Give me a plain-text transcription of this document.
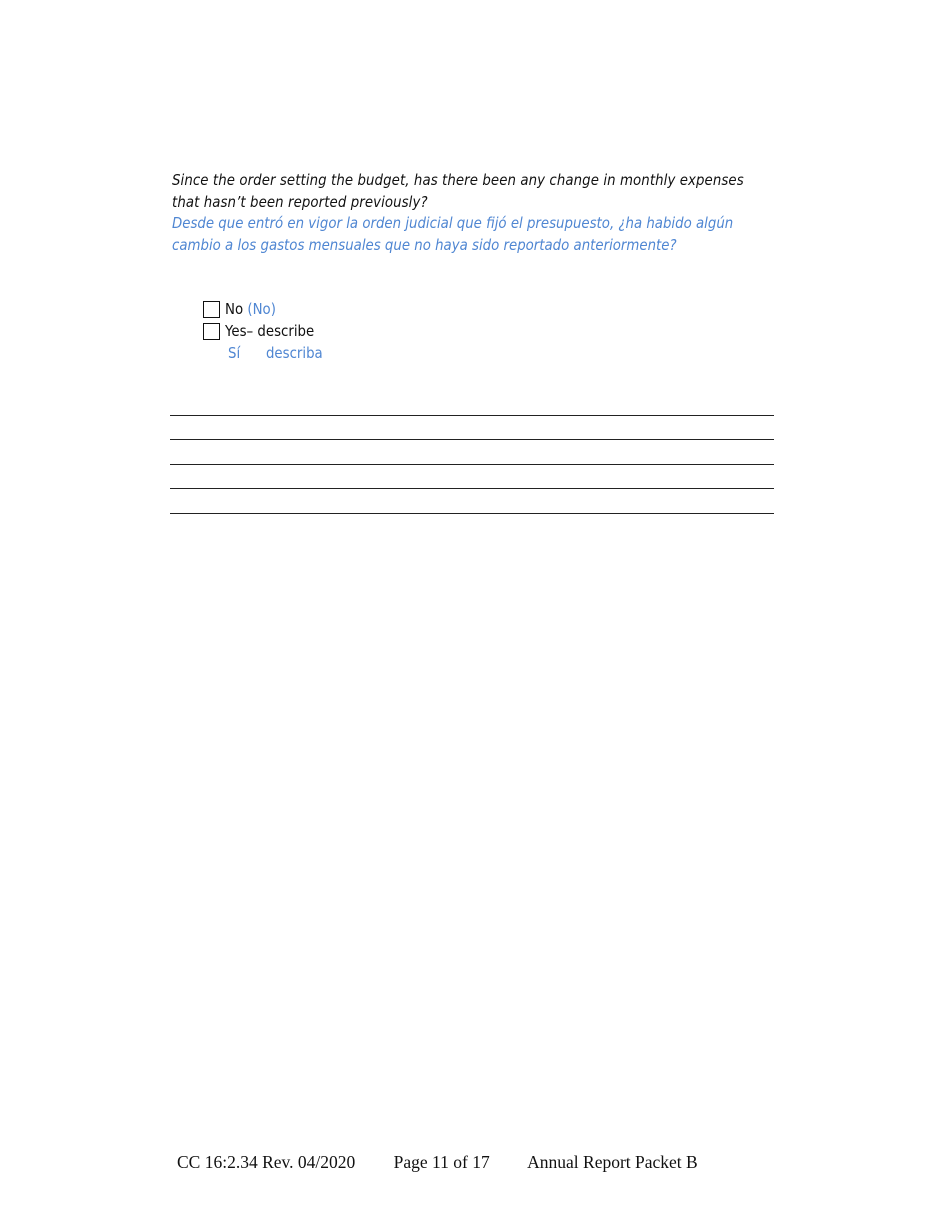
Since the order setting the budget, has there been any change in monthly expenses that hasn’t been reported previously?
Desde que entró en vigor la orden judicial que fijó el presupuesto, ¿ha habido algún cambio a los gastos mensuales que no haya sido reportado anteriormente?
No (No)
Yes– describe
Sí describa
CC 16:2.34 Rev. 04/2020 Page 11 of 17 Annual Report Packet B
